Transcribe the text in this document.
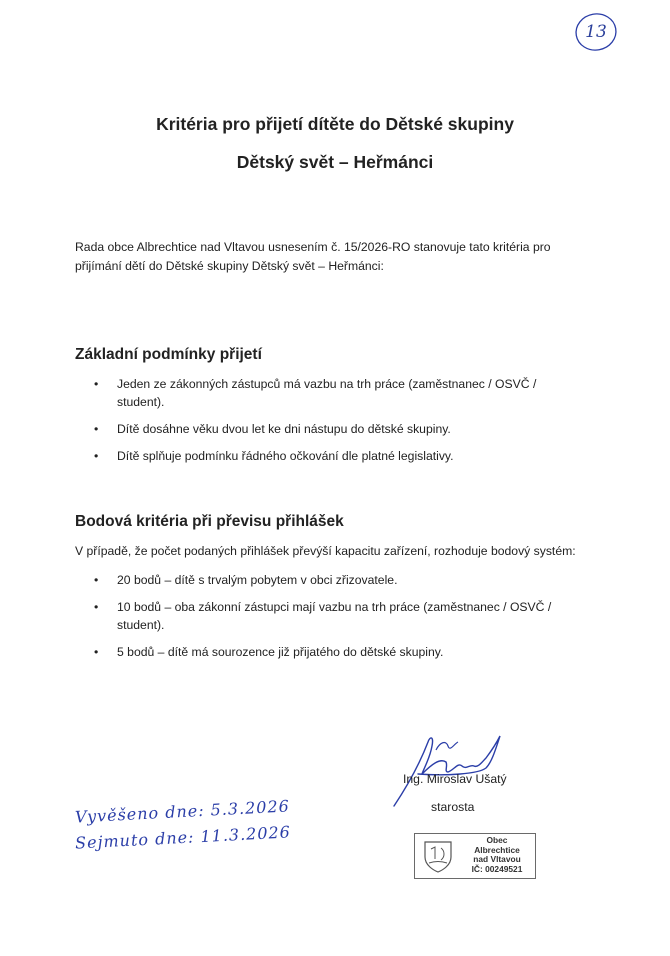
13
Kritéria pro přijetí dítěte do Dětské skupiny
Dětský svět – Heřmánci
Rada obce Albrechtice nad Vltavou usnesením č. 15/2026-RO stanovuje tato kritéria pro přijímání dětí do Dětské skupiny Dětský svět – Heřmánci:
Základní podmínky přijetí
• Jeden ze zákonných zástupců má vazbu na trh práce (zaměstnanec / OSVČ / student).
• Dítě dosáhne věku dvou let ke dni nástupu do dětské skupiny.
• Dítě splňuje podmínku řádného očkování dle platné legislativy.
Bodová kritéria při převisu přihlášek
V případě, že počet podaných přihlášek převýší kapacitu zařízení, rozhoduje bodový systém:
• 20 bodů – dítě s trvalým pobytem v obci zřizovatele.
• 10 bodů – oba zákonní zástupci mají vazbu na trh práce (zaměstnanec / OSVČ / student).
• 5 bodů – dítě má sourozence již přijatého do dětské skupiny.
Ing. Miroslav Ušatý
starosta
Obec
Albrechtice
nad Vltavou
IČ: 00249521
Vyvěšeno dne: 5.3.2026
Sejmuto dne: 11.3.2026
